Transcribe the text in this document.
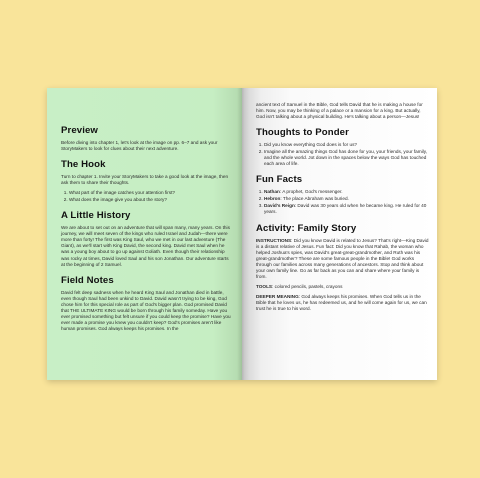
Preview

Before diving into chapter 1, let's look at the image on pp. 6–7 and ask your StoryMakers to look for clues about their next adventure.

The Hook

Turn to chapter 1. Invite your StoryMakers to take a good look at the image, then ask them to share their thoughts.

1. What part of the image catches your attention first?
2. What does the image give you about the story?
A Little History

We are about to set out on an adventure that will span many, many years. On this journey, we will meet seven of the kings who ruled Israel and Judah—there were more than forty! The first was King Saul, who we met in our last adventure (The Giant), as we'll start with King David, the second king. David met Saul when he was a young boy about to go up against Goliath. Even though their relationship was rocky at times, David loved Saul and his son Jonathan. Our adventure starts at the beginning of 2 Samuel.

Field Notes

David felt deep sadness when he heard King Saul and Jonathan died in battle, even though Saul had been unkind to David. David wasn't trying to be king, God chose him for this special role as part of God's bigger plan. God promised David that THE ULTIMATE KING would be born through his family someday. Have you ever promised something but felt unsure if you could keep the promise? Have you ever made a promise you knew you couldn't keep? God's promises aren't like human promises. God always keeps his promises. In the

ancient text of Samuel in the Bible, God tells David that he is making a house for him. Now, you may be thinking of a palace or a mansion for a king. But actually, God isn't talking about a physical building. He's talking about a person—Jesus!

Thoughts to Ponder
1. Did you know everything God does is for us?
2. Imagine all the amazing things God has done for you, your friends, your family, and the whole world. Jot down in the spaces below the ways God has touched each area of life.
Fun Facts
1. Nathan: A prophet, God's messenger.
2. Hebron: The place Abraham was buried.
3. David's Reign: David was 30 years old when he became king. He ruled for 40 years.
Activity: Family Story

INSTRUCTIONS: Did you know David is related to Jesus? That's right—King David is a distant relative of Jesus. Fun fact: Did you know that Rahab, the woman who helped Joshua's spies, was David's great-great-grandmother, and Ruth was his great-grandmother? These are some famous people in the Bible! God works through our families across many generations of ancestors. Stop and think about your own family line. Go as far back as you can and share where your family is from.

TOOLS: colored pencils, pastels, crayons

DEEPER MEANING: God always keeps his promises. When God tells us in the Bible that he loves us, he has redeemed us, and he will come again for us, we can trust he is true to his word.
